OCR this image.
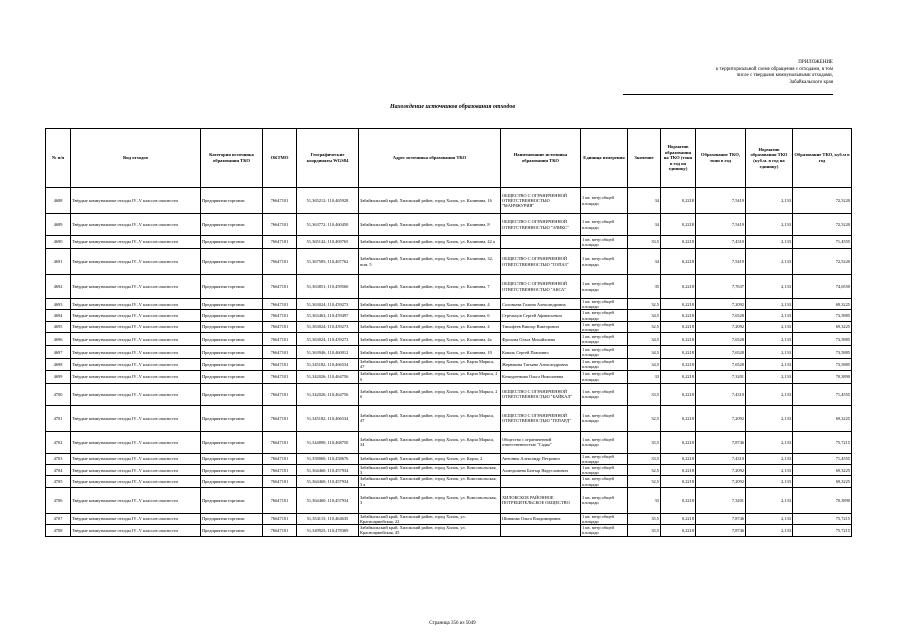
ПРИЛОЖЕНИЕ
к территориальной схеме обращения с отходами, в том
числе с твердыми коммунальными отходами,
Забайкальского края
Нахождение источников образования отходов
№ п/п	Вид отходов	Категория источника образования ТКО	ОКТМО	Географические координаты WGS84	Адрес источника образования ТКО	Наименование источника образования ТКО	Единица измерения	Значение	Норматив образования на ТКО (тонн в год на единицу)	Образование ТКО, тонн в год	Норматив образования ТКО (куб.м. в год на единицу)	Образование ТКО, куб.м в год
4688	Твёрдые коммунальные отходы IV–V классов опасности	Предприятия торговли	76647101	51,365212; 110,465928	Забайкальский край, Хилокский район, город Хилок, ул. Калинина, 16	ОБЩЕСТВО С ОГРАНИЧЕННОЙ ОТВЕТСТВЕННОСТЬЮ "МАНЧЖУРИЯ"	1 кв. метр общей площади	34	0,2218	7,5419	2,133	72,5220
4689	Твёрдые коммунальные отходы IV–V классов опасности	Предприятия торговли	76647101	51,363772; 110,460450	Забайкальский край, Хилокский район, город Хилок, ул. Калинина, 8	ОБЩЕСТВО С ОГРАНИЧЕННОЙ ОТВЕТСТВЕННОСТЬЮ "ЭЛИКС"	1 кв. метр общей площади	34	0,2218	7,5419	2,133	72,5220
4690	Твёрдые коммунальные отходы IV–V классов опасности	Предприятия торговли	76647101	51,365142; 110,469765	Забайкальский край, Хилокский район, город Хилок, ул. Калинина, 42 а		1 кв. метр общей площади	33,5	0,2218	7,4310	2,133	71,4555
4691	Твёрдые коммунальные отходы IV–V классов опасности	Предприятия торговли	76647101	51,367585; 110,467762	Забайкальский край, Хилокский район, город Хилок, ул. Калинина, 32, пом. 5	ОБЩЕСТВО С ОГРАНИЧЕННОЙ ОТВЕТСТВЕННОСТЬЮ "ТОПАЗ"	1 кв. метр общей площади	34	0,2218	7,5419	2,133	72,5220
4692	Твёрдые коммунальные отходы IV–V классов опасности	Предприятия торговли	76647101	51,363851; 110,459560	Забайкальский край, Хилокский район, город Хилок, ул. Калинина, 7	ОБЩЕСТВО С ОГРАНИЧЕННОЙ ОТВЕТСТВЕННОСТЬЮ "АКСА"	1 кв. метр общей площади	35	0,2218	7,7637	2,133	74,6550
4693	Твёрдые коммунальные отходы IV–V классов опасности	Предприятия торговли	76647101	51,363024; 110,459273	Забайкальский край, Хилокский район, город Хилок, ул. Калинина, 4	Соловьева Галина Александровна	1 кв. метр общей площади	32,5	0,2218	7,2092	2,133	69,3225
4694	Твёрдые коммунальные отходы IV–V классов опасности	Предприятия торговли	76647101	51,363463; 110,459497	Забайкальский край, Хилокский район, город Хилок, ул. Калинина, 6	Стрельцов Сергей Афанасьевич	1 кв. метр общей площади	34,5	0,2218	7,6528	2,133	73,5885
4695	Твёрдые коммунальные отходы IV–V классов опасности	Предприятия торговли	76647101	51,363024; 110,459273	Забайкальский край, Хилокский район, город Хилок, ул. Калинина, 4	Тимофеев Виктор Викторович	1 кв. метр общей площади	32,5	0,2218	7,2092	2,133	69,3225
4696	Твёрдые коммунальные отходы IV–V классов опасности	Предприятия торговли	76647101	51,363024; 110,459273	Забайкальский край, Хилокский район, город Хилок, ул. Калинина, 4а	Фролова Ольга Михайловна	1 кв. метр общей площади	34,5	0,2218	7,6528	2,133	73,5885
4697	Твёрдые коммунальные отходы IV–V классов опасности	Предприятия торговли	76647101	51,363946; 110,460012	Забайкальский край, Хилокский район, город Хилок, ул. Калинина, 10	Коваль Сергей Павлович	1 кв. метр общей площади	34,5	0,2218	7,6528	2,133	73,5885
4698	Твёрдые коммунальные отходы IV–V классов опасности	Предприятия торговли	76647101	51,345182; 110,466534	Забайкальский край, Хилокский район, город Хилок, ул. Карла Маркса, 47	Жернакова Татьяна Александровна	1 кв. метр общей площади	34,5	0,2218	7,6528	2,133	73,5885
4699	Твёрдые коммунальные отходы IV–V классов опасности	Предприятия торговли	76647101	51,342026; 110,464756	Забайкальский край, Хилокский район, город Хилок, ул. Карла Маркса, 2 б	Кочкуренкова Ольга Николаевна	1 кв. метр общей площади	33	0,2218	7,3201	2,133	70,3890
4700	Твёрдые коммунальные отходы IV–V классов опасности	Предприятия торговли	76647101	51,342026; 110,464756	Забайкальский край, Хилокский район, город Хилок, ул. Карла Маркса, 2 б	ОБЩЕСТВО С ОГРАНИЧЕННОЙ ОТВЕТСТВЕННОСТЬЮ "БАЙКАЛ"	1 кв. метр общей площади	33,5	0,2218	7,4310	2,133	71,4555
4701	Твёрдые коммунальные отходы IV–V классов опасности	Предприятия торговли	76647101	51,345182; 110,466534	Забайкальский край, Хилокский район, город Хилок, ул. Карла Маркса, 47	ОБЩЕСТВО С ОГРАНИЧЕННОЙ ОТВЕТСТВЕННОСТЬЮ "ГЕПАРД"	1 кв. метр общей площади	32,5	0,2218	7,2092	2,133	69,3225
4702	Твёрдые коммунальные отходы IV–V классов опасности	Предприятия торговли	76647101	51,344890; 110,468750	Забайкальский край, Хилокский район, город Хилок, ул. Карла Маркса, 34	Общество с ограниченной ответственностью "Садко"	1 кв. метр общей площади	35,5	0,2218	7,8746	2,133	75,7215
4703	Твёрдые коммунальные отходы IV–V классов опасности	Предприятия торговли	76647101	51,358060; 110,458676	Забайкальский край, Хилокский район, город Хилок, ул. Карла, 2	Антонюк Александр Петрович	1 кв. метр общей площади	33,5	0,2218	7,4310	2,133	71,4555
4704	Твёрдые коммунальные отходы IV–V классов опасности	Предприятия торговли	76647101	51,364460; 110,457934	Забайкальский край, Хилокский район, город Хилок, ул. Комсомольская, 3	Ахмедшиева Батгыр Нарусловович	1 кв. метр общей площади	32,5	0,2218	7,2092	2,133	69,3225
4705	Твёрдые коммунальные отходы IV–V классов опасности	Предприятия торговли	76647101	51,364460; 110,457934	Забайкальский край, Хилокский район, город Хилок, ул. Комсомольская, 3 а		1 кв. метр общей площади	32,5	0,2218	7,2092	2,133	69,3225
4706	Твёрдые коммунальные отходы IV–V классов опасности	Предприятия торговли	76647101	51,364460; 110,457934	Забайкальский край, Хилокский район, город Хилок, ул. Комсомольская, 3	ХИЛОКСКОЕ РАЙОННОЕ ПОТРЕБИТЕЛЬСКОЕ ОБЩЕСТВО	1 кв. метр общей площади	33	0,2218	7,3201	2,133	70,3890
4707	Твёрдые коммунальные отходы IV–V классов опасности	Предприятия торговли	76647101	51,354115; 110,464635	Забайкальский край, Хилокский район, город Хилок, ул. Красноармейская, 22	Шимкова Ольга Владимировна	1 кв. метр общей площади	35,5	0,2218	7,8746	2,133	75,7215
4708	Твёрдые коммунальные отходы IV–V классов опасности	Предприятия торговли	76647101	51,349925; 110,478369	Забайкальский край, Хилокский район, город Хилок, ул. Красноармейская, 45		1 кв. метр общей площади	35,5	0,2218	7,8746	2,133	75,7215
Страница 356 из 5049
